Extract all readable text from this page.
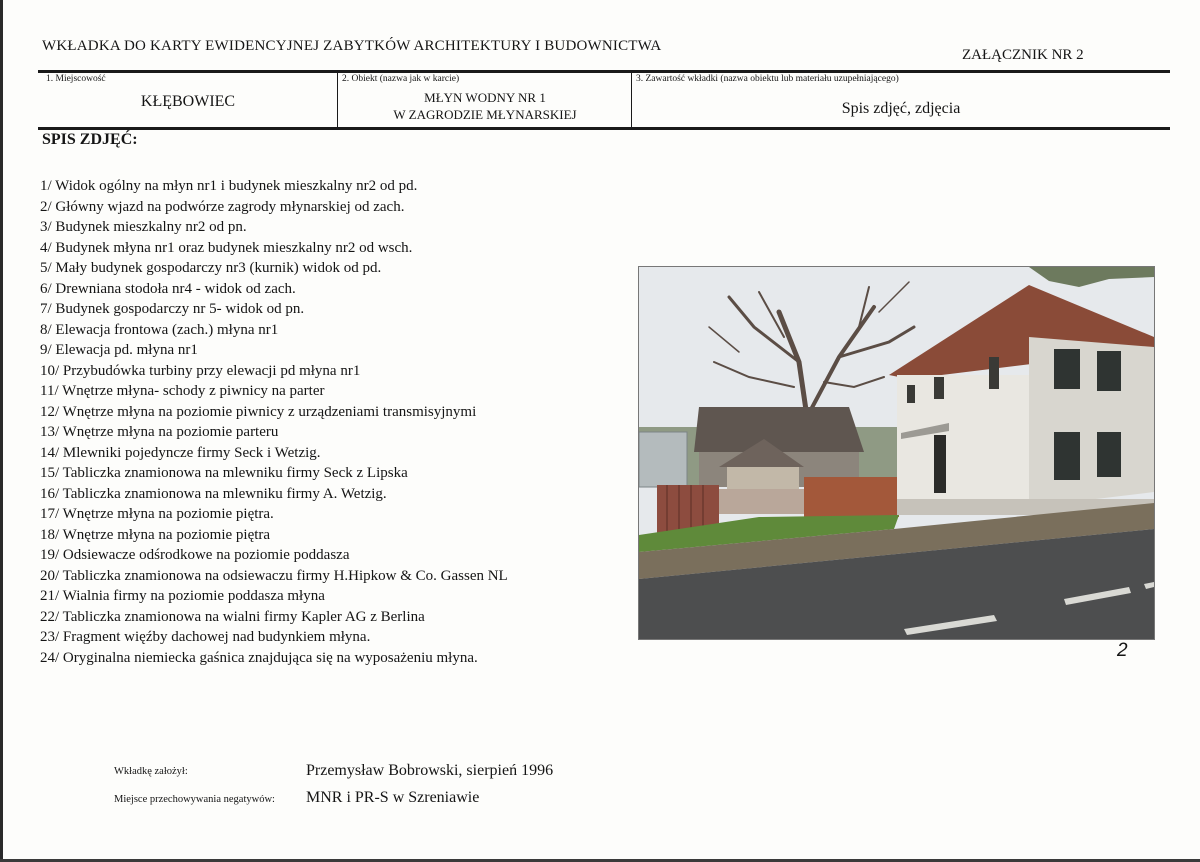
WKŁADKA DO KARTY EWIDENCYJNEJ ZABYTKÓW ARCHITEKTURY I BUDOWNICTWA
ZAŁĄCZNIK NR 2
1. Miejscowość
KŁĘBOWIEC
2. Obiekt (nazwa jak w karcie)
MŁYN WODNY NR 1
W ZAGRODZIE MŁYNARSKIEJ
3. Zawartość wkładki (nazwa obiektu lub materiału uzupełniającego)
Spis zdjęć, zdjęcia
SPIS ZDJĘĆ:
1/ Widok ogólny na młyn nr1 i budynek mieszkalny nr2 od pd.
2/ Główny wjazd na podwórze zagrody młynarskiej od zach.
3/ Budynek mieszkalny nr2 od pn.
4/ Budynek młyna nr1 oraz budynek mieszkalny nr2 od wsch.
5/ Mały budynek gospodarczy nr3 (kurnik) widok od pd.
6/ Drewniana stodoła nr4 - widok od zach.
7/ Budynek gospodarczy nr 5- widok od pn.
8/ Elewacja frontowa (zach.) młyna nr1
9/ Elewacja pd. młyna nr1
10/ Przybudówka turbiny przy elewacji pd młyna nr1
11/ Wnętrze młyna- schody z piwnicy na parter
12/ Wnętrze młyna na poziomie piwnicy z urządzeniami transmisyjnymi
13/ Wnętrze młyna na poziomie parteru
14/ Mlewniki pojedyncze firmy Seck i Wetzig.
15/ Tabliczka znamionowa na mlewniku firmy Seck z Lipska
16/ Tabliczka znamionowa na mlewniku firmy A. Wetzig.
17/ Wnętrze młyna na poziomie piętra.
18/ Wnętrze młyna na poziomie piętra
19/ Odsiewacze odśrodkowe na poziomie poddasza
20/ Tabliczka znamionowa na odsiewaczu firmy H.Hipkow & Co. Gassen NL
21/ Wialnia firmy na poziomie poddasza młyna
22/ Tabliczka znamionowa na wialni firmy Kapler AG z Berlina
23/ Fragment więźby dachowej nad budynkiem młyna.
24/ Oryginalna niemiecka gaśnica znajdująca się na wyposażeniu młyna.	2
Wkładkę założył:	Przemysław Bobrowski, sierpień 1996
Miejsce przechowywania negatywów: MNR i PR-S w Szreniawie
